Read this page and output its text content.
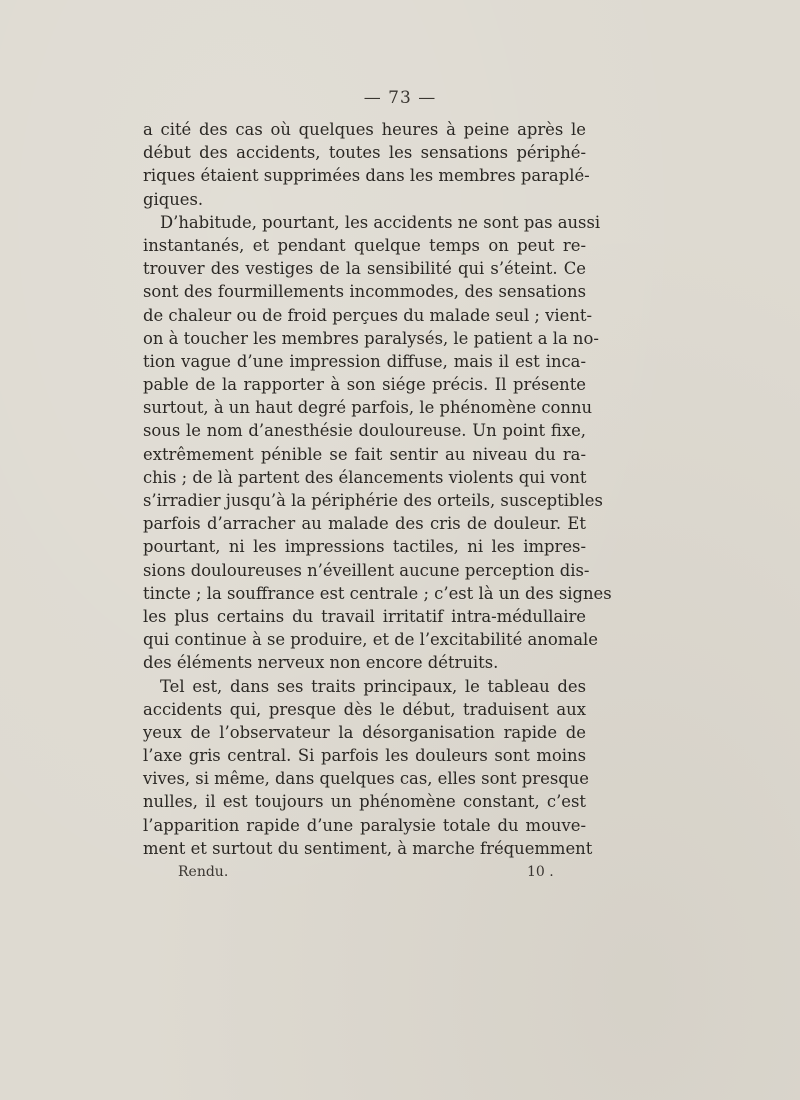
— 73 —
a cité des cas où quelques heures à peine après le
début des accidents, toutes les sensations périphé-
riques étaient supprimées dans les membres paraplé-
giques.
D’habitude, pourtant, les accidents ne sont pas aussi
instantanés, et pendant quelque temps on peut re-
trouver des vestiges de la sensibilité qui s’éteint. Ce
sont des fourmillements incommodes, des sensations
de chaleur ou de froid perçues du malade seul ; vient-
on à toucher les membres paralysés, le patient a la no-
tion vague d’une impression diffuse, mais il est inca-
pable de la rapporter à son siége précis. Il présente
surtout, à un haut degré parfois, le phénomène connu
sous le nom d’anesthésie douloureuse. Un point fixe,
extrêmement pénible se fait sentir au niveau du ra-
chis ; de là partent des élancements violents qui vont
s’irradier jusqu’à la périphérie des orteils, susceptibles
parfois d’arracher au malade des cris de douleur. Et
pourtant, ni les impressions tactiles, ni les impres-
sions douloureuses n’éveillent aucune perception dis-
tincte ; la souffrance est centrale ; c’est là un des signes
les plus certains du travail irritatif intra-médullaire
qui continue à se produire, et de l’excitabilité anomale
des éléments nerveux non encore détruits.
Tel est, dans ses traits principaux, le tableau des
accidents qui, presque dès le début, traduisent aux
yeux de l’observateur la désorganisation rapide de
l’axe gris central. Si parfois les douleurs sont moins
vives, si même, dans quelques cas, elles sont presque
nulles, il est toujours un phénomène constant, c’est
l’apparition rapide d’une paralysie totale du mouve-
ment et surtout du sentiment, à marche fréquemment
Rendu.	10 .
